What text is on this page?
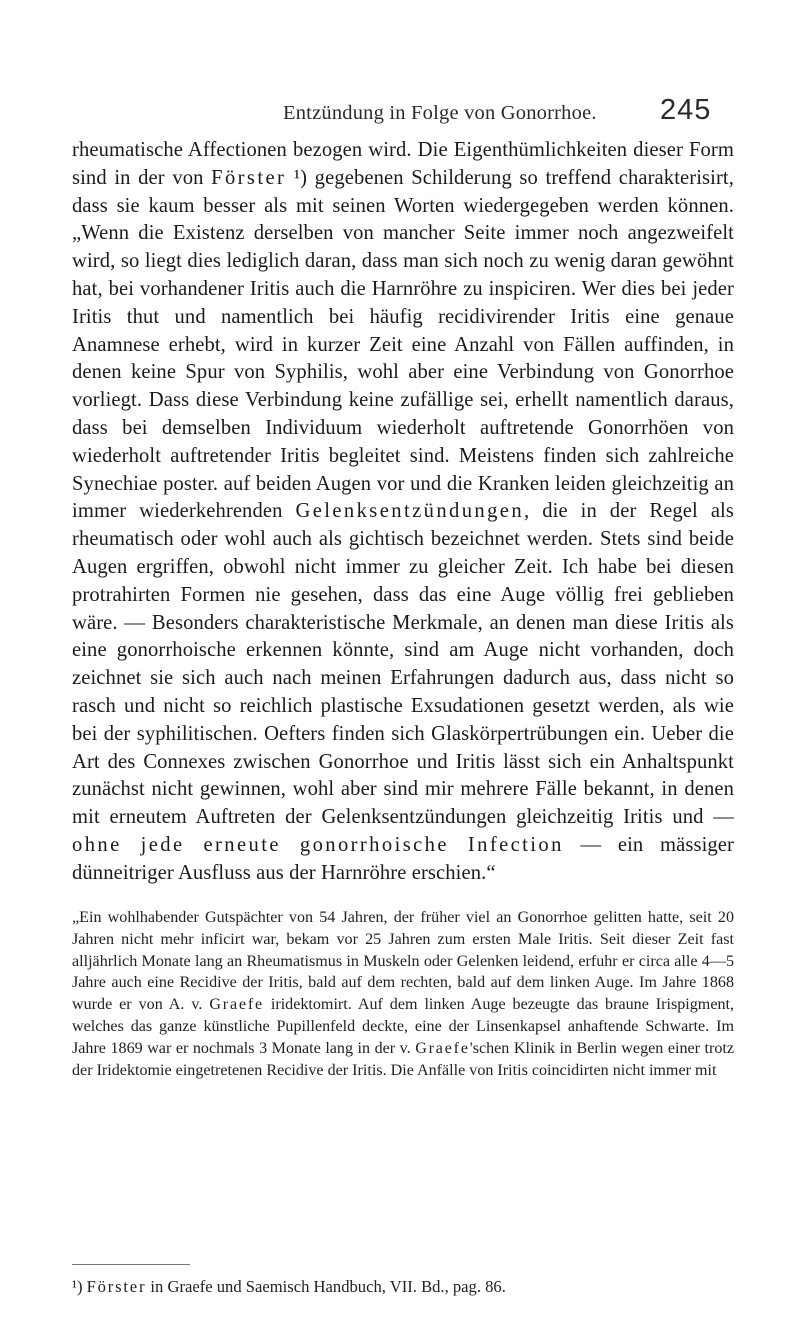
Entzündung in Folge von Gonorrhoe. 245

rheumatische Affectionen bezogen wird. Die Eigenthümlichkeiten dieser Form sind in der von Förster ¹) gegebenen Schilderung so treffend charakterisirt, dass sie kaum besser als mit seinen Worten wiedergegeben werden können. „Wenn die Existenz derselben von mancher Seite immer noch angezweifelt wird, so liegt dies lediglich daran, dass man sich noch zu wenig daran gewöhnt hat, bei vorhandener Iritis auch die Harnröhre zu inspiciren. Wer dies bei jeder Iritis thut und namentlich bei häufig recidivirender Iritis eine genaue Anamnese erhebt, wird in kurzer Zeit eine Anzahl von Fällen auffinden, in denen keine Spur von Syphilis, wohl aber eine Verbindung von Gonorrhoe vorliegt. Dass diese Verbindung keine zufällige sei, erhellt namentlich daraus, dass bei demselben Individuum wiederholt auftretende Gonorrhöen von wiederholt auftretender Iritis begleitet sind. Meistens finden sich zahlreiche Synechiae poster. auf beiden Augen vor und die Kranken leiden gleichzeitig an immer wiederkehrenden Gelenksentzündungen, die in der Regel als rheumatisch oder wohl auch als gichtisch bezeichnet werden. Stets sind beide Augen ergriffen, obwohl nicht immer zu gleicher Zeit. Ich habe bei diesen protrahirten Formen nie gesehen, dass das eine Auge völlig frei geblieben wäre. — Besonders charakteristische Merkmale, an denen man diese Iritis als eine gonorrhoische erkennen könnte, sind am Auge nicht vorhanden, doch zeichnet sie sich auch nach meinen Erfahrungen dadurch aus, dass nicht so rasch und nicht so reichlich plastische Exsudationen gesetzt werden, als wie bei der syphilitischen. Oefters finden sich Glaskörpertrübungen ein. Ueber die Art des Connexes zwischen Gonorrhoe und Iritis lässt sich ein Anhaltspunkt zunächst nicht gewinnen, wohl aber sind mir mehrere Fälle bekannt, in denen mit erneutem Auftreten der Gelenksentzündungen gleichzeitig Iritis und — ohne jede erneute gonorrhoische Infection — ein mässiger dünneitriger Ausfluss aus der Harnröhre erschien.“

„Ein wohlhabender Gutspächter von 54 Jahren, der früher viel an Gonorrhoe gelitten hatte, seit 20 Jahren nicht mehr inficirt war, bekam vor 25 Jahren zum ersten Male Iritis. Seit dieser Zeit fast alljährlich Monate lang an Rheumatismus in Muskeln oder Gelenken leidend, erfuhr er circa alle 4—5 Jahre auch eine Recidive der Iritis, bald auf dem rechten, bald auf dem linken Auge. Im Jahre 1868 wurde er von A. v. Graefe iridektomirt. Auf dem linken Auge bezeugte das braune Irispigment, welches das ganze künstliche Pupillenfeld deckte, eine der Linsenkapsel anhaftende Schwarte. Im Jahre 1869 war er nochmals 3 Monate lang in der v. Graefe'schen Klinik in Berlin wegen einer trotz der Iridektomie eingetretenen Recidive der Iritis. Die Anfälle von Iritis coincidirten nicht immer mit

¹) Förster in Graefe und Saemisch Handbuch, VII. Bd., pag. 86.
